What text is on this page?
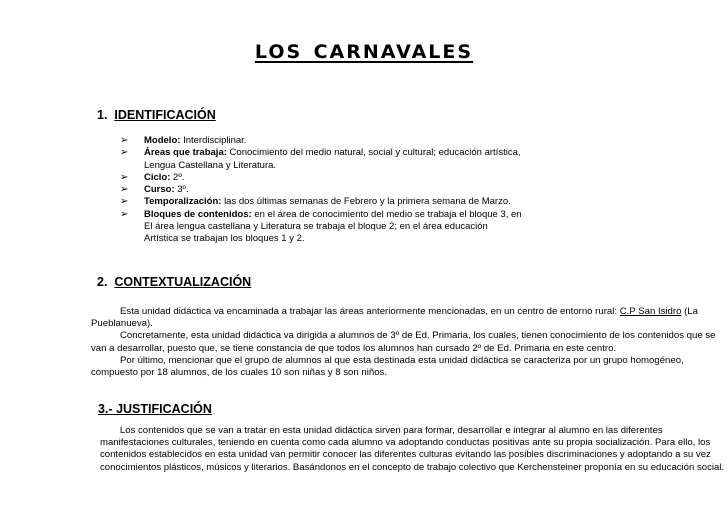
los carnavales
1. IDENTIFICACIÓN
➢	Modelo: Interdisciplinar.
➢	Áreas que trabaja: Conocimiento del medio natural, social y cultural; educación artística,
Lengua Castellana y Literatura.
➢	Ciclo: 2º.
➢	Curso: 3º.
➢	Temporalización: las dos últimas semanas de Febrero y la primera semana de Marzo.
➢	Bloques de contenidos: en el área de conocimiento del medio se trabaja el bloque 3, en
El área lengua castellana y Literatura se trabaja el bloque 2; en el área educación
Artística se trabajan los bloques 1 y 2.
2. CONTEXTUALIZACIÓN
Esta unidad didáctica va encaminada a trabajar las áreas anteriormente mencionadas, en un centro de entorno rural: C.P San Isidro (La
Pueblanueva).
Concretamente, esta unidad didáctica va dirigida a alumnos de 3º de Ed. Primaria, los cuales, tienen conocimiento de los contenidos que se
van a desarrollar, puesto que, se tiene constancia de que todos los alumnos han cursado 2º de Ed. Primaria en este centro.
Por último, mencionar que el grupo de alumnos al que esta destinada esta unidad didáctica se caracteriza por un grupo homogéneo,
compuesto por 18 alumnos, de los cuales 10 son niñas y 8 son niños.
3.- JUSTIFICACIÓN
Los contenidos que se van a tratar en esta unidad didáctica sirven para formar, desarrollar e integrar al alumno en las diferentes
manifestaciones culturales, teniendo en cuenta como cada alumno va adoptando conductas positivas ante su propia socialización. Para ello, los
contenidos establecidos en esta unidad van permitir conocer las diferentes culturas evitando las posibles discriminaciones y adoptando a su vez
conocimientos plásticos, músicos y literarios. Basándonos en el concepto de trabajo colectivo que Kerchensteiner proponía en su educación social.
